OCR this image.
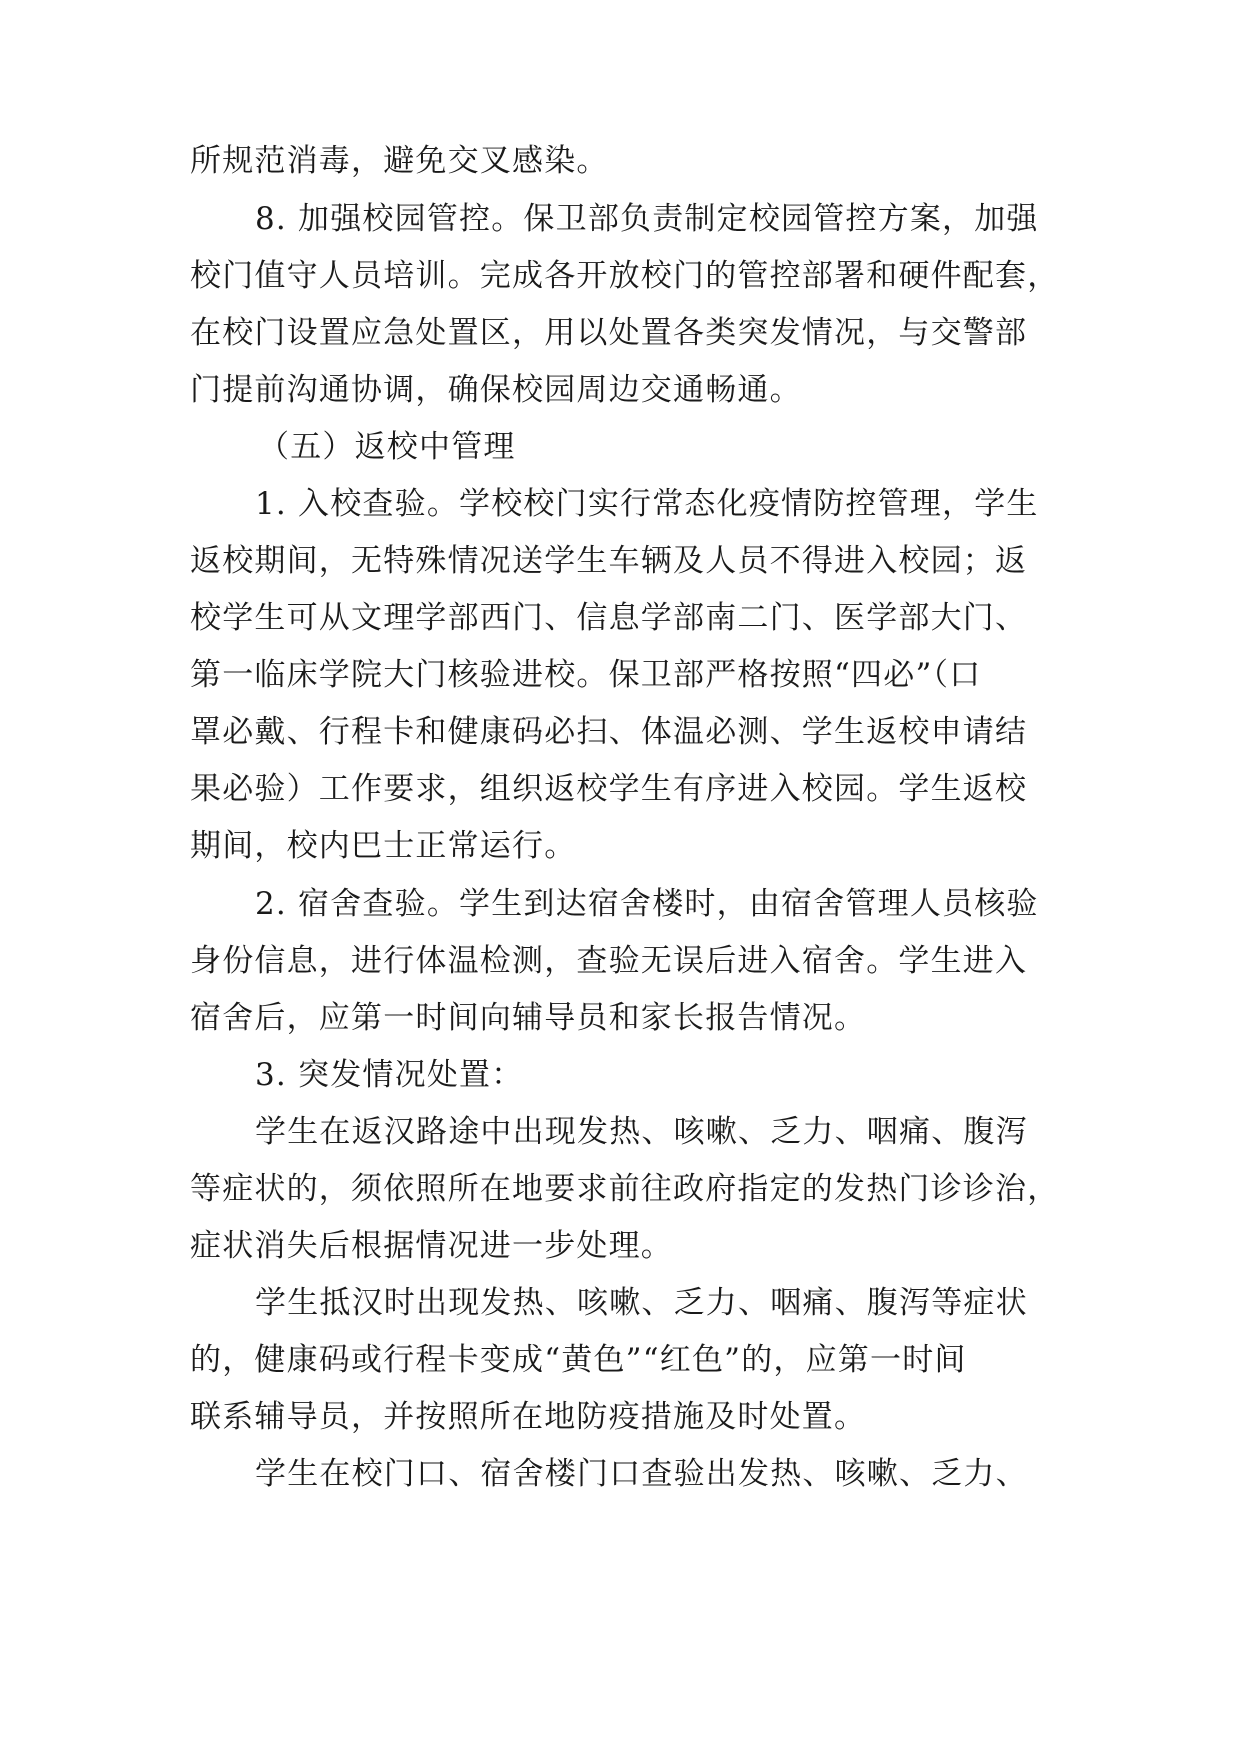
所规范消毒，避免交叉感染。
8. 加强校园管控。保卫部负责制定校园管控方案，加强
校门值守人员培训。完成各开放校门的管控部署和硬件配套，
在校门设置应急处置区，用以处置各类突发情况，与交警部
门提前沟通协调，确保校园周边交通畅通。
（五）返校中管理
1. 入校查验。学校校门实行常态化疫情防控管理，学生
返校期间，无特殊情况送学生车辆及人员不得进入校园；返
校学生可从文理学部西门、信息学部南二门、医学部大门、
第一临床学院大门核验进校。保卫部严格按照“四必”（口
罩必戴、行程卡和健康码必扫、体温必测、学生返校申请结
果必验）工作要求，组织返校学生有序进入校园。学生返校
期间，校内巴士正常运行。
2. 宿舍查验。学生到达宿舍楼时，由宿舍管理人员核验
身份信息，进行体温检测，查验无误后进入宿舍。学生进入
宿舍后，应第一时间向辅导员和家长报告情况。
3. 突发情况处置：
学生在返汉路途中出现发热、咳嗽、乏力、咽痛、腹泻
等症状的，须依照所在地要求前往政府指定的发热门诊诊治，
症状消失后根据情况进一步处理。
学生抵汉时出现发热、咳嗽、乏力、咽痛、腹泻等症状
的，健康码或行程卡变成“黄色”“红色”的，应第一时间
联系辅导员，并按照所在地防疫措施及时处置。
学生在校门口、宿舍楼门口查验出发热、咳嗽、乏力、
